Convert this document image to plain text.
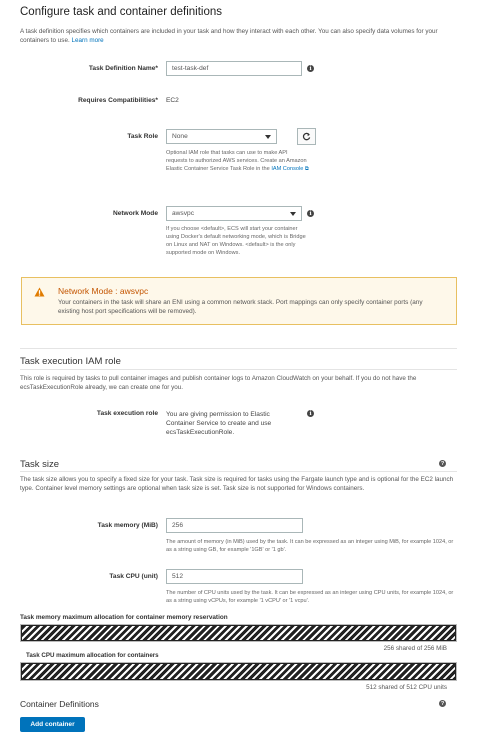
Configure task and container definitions
A task definition specifies which containers are included in your task and how they interact with each other. You can also specify data volumes for your containers to use. Learn more
Task Definition Name*	test-task-def	i
Requires Compatibilities* EC2
Task Role None
Optional IAM role that tasks can use to make API requests to authorized AWS services. Create an Amazon Elastic Container Service Task Role in the IAM Console ⧉
Network Mode awsvpc	i
If you choose <default>, ECS will start your container using Docker's default networking mode, which is Bridge on Linux and NAT on Windows. <default> is the only supported mode on Windows.
Network Mode : awsvpc
Your containers in the task will share an ENI using a common network stack. Port mappings can only specify container ports (any existing host port specifications will be removed).
Task execution IAM role
This role is required by tasks to pull container images and publish container logs to Amazon CloudWatch on your behalf. If you do not have the ecsTaskExecutionRole already, we can create one for you.
Task execution role You are giving permission to Elastic Container Service to create and use ecsTaskExecutionRole.
i
Task size	?
The task size allows you to specify a fixed size for your task. Task size is required for tasks using the Fargate launch type and is optional for the EC2 launch type. Container level memory settings are optional when task size is set. Task size is not supported for Windows containers.
Task memory (MiB)	256
The amount of memory (in MiB) used by the task. It can be expressed as an integer using MiB, for example 1024, or as a string using GB, for example '1GB' or '1 gb'.
Task CPU (unit)	512
The number of CPU units used by the task. It can be expressed as an integer using CPU units, for example 1024, or as a string using vCPUs, for example '1 vCPU' or '1 vcpu'.
Task memory maximum allocation for container memory reservation
256 shared of 256 MiB
Task CPU maximum allocation for containers
512 shared of 512 CPU units
Container Definitions	?
Add container
